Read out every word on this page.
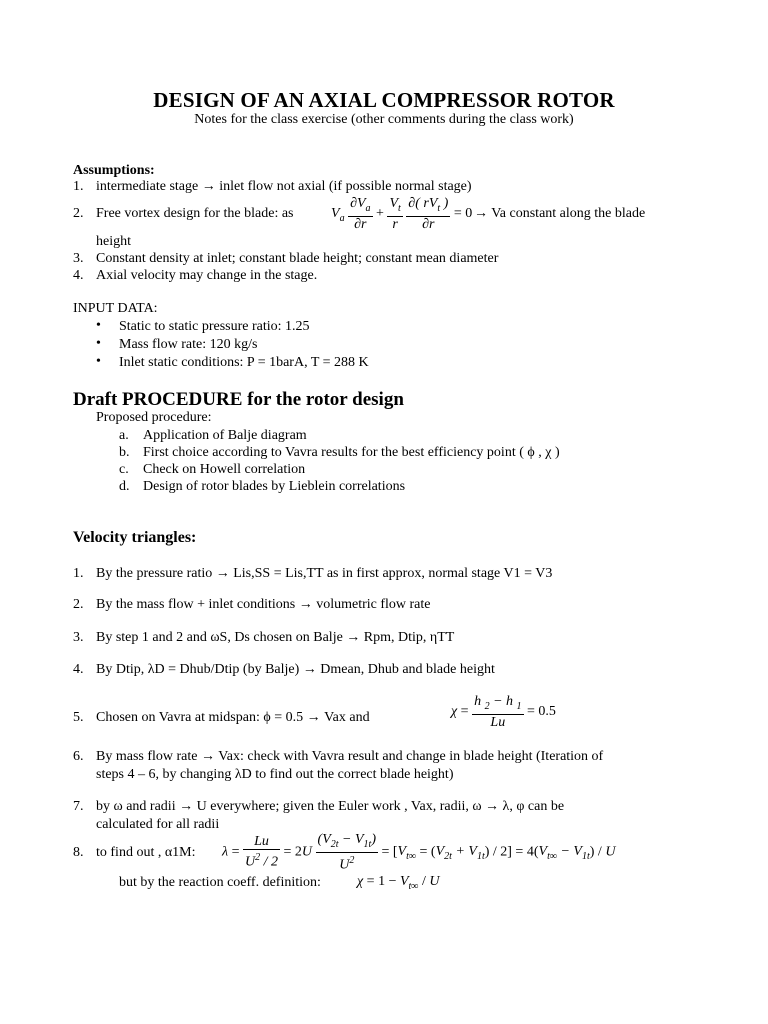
DESIGN OF AN AXIAL COMPRESSOR ROTOR
Notes for the class exercise (other comments during the class work)
Assumptions:
1. intermediate stage → inlet flow not axial (if possible normal stage)
2. Free vortex design for the blade: as	$V_a \frac{\partial V_a}{\partial r} + \frac{V_t}{r}$
$\frac{\partial( rV_t )}{\partial r} = 0 \to Va$ constant along the blade
height
3. Constant density at inlet; constant blade height; constant mean diameter
4. Axial velocity may change in the stage.
INPUT DATA:
• Static to static pressure ratio: 1.25
• Mass flow rate: 120 kg/s
• Inlet static conditions: P = 1barA, T = 288 K
Draft PROCEDURE for the rotor design
Proposed procedure:
a. Application of Balje diagram
b. First choice according to Vavra results for the best efficiency point ( ϕ , χ )
c. Check on Howell correlation
d. Design of rotor blades by Lieblein correlations
Velocity triangles:
1. By the pressure ratio → Lis,SS = Lis,TT as in first approx, normal stage V1 = V3
2. By the mass flow + inlet conditions → volumetric flow rate
3. By step 1 and 2 and ωS, Ds chosen on Balje → Rpm, Dtip, ηTT
4. By Dtip, λD = Dhub/Dtip (by Balje) → Dmean, Dhub and blade height
5. Chosen on Vavra at midspan: ϕ = 0.5 → Vax and	$\chi = \frac{h _2 - h _1}{Lu} = 0.5$
6. By mass flow rate → Vax: check with Vavra result and change in blade height (Iteration of
steps 4 – 6, by changing λD to find out the correct blade height)
7. by ω and radii → U everywhere; given the Euler work , Vax, radii, ω → λ, φ can be
calculated for all radii
8. to find out , α1M: $\lambda = \frac{Lu}{U^2 / 2} = 2U \frac{(V_{2t} - V_{1t})}{U^2} = [V_{t\infty} = (V_{2t} + V_{1t}) / 2] = 4(V_{t\infty} - V_{1t}) / U$
but by the reaction coeff. definition:	$\chi = 1 - V_{t\infty} / U$
